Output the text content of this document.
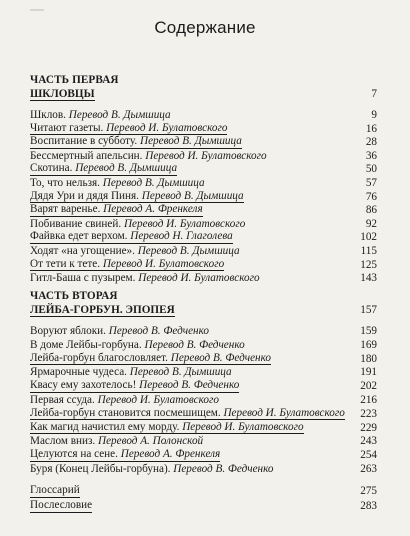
Содержание
ЧАСТЬ ПЕРВАЯ
ШКЛОВЦЫ	7
Шклов. Перевод В. Дымшица	9
Читают газеты. Перевод И. Булатовского	16
Воспитание в субботу. Перевод В. Дымшица	28
Бессмертный апельсин. Перевод И. Булатовского	36
Скотина. Перевод В. Дымшица	50
То, что нельзя. Перевод В. Дымшица	57
Дядя Ури и дядя Пиня. Перевод В. Дымшица	76
Варят варенье. Перевод А. Френкеля	86
Побивание свиней. Перевод И. Булатовского	92
Файвка едет верхом. Перевод Н. Глаголева	102
Ходят «на угощение». Перевод В. Дымшица	115
От тети к тете. Перевод И. Булатовского	125
Гитл-Баша с пузырем. Перевод И. Булатовского	143
ЧАСТЬ ВТОРАЯ
ЛЕЙБА-ГОРБУН. ЭПОПЕЯ	157
Воруют яблоки. Перевод В. Федченко	159
В доме Лейбы-горбуна. Перевод В. Федченко	169
Лейба-горбун благословляет. Перевод В. Федченко	180
Ярмарочные чудеса. Перевод В. Дымшица	191
Квасу ему захотелось! Перевод В. Федченко	202
Первая ссуда. Перевод И. Булатовского	216
Лейба-горбун становится посмешищем. Перевод И. Булатовского 223
Как магид начистил ему морду. Перевод И. Булатовского	229
Маслом вниз. Перевод А. Полонской	243
Целуются на сене. Перевод А. Френкеля	254
Буря (Конец Лейбы-горбуна). Перевод В. Федченко	263
Глоссарий	275
Послесловие	283
